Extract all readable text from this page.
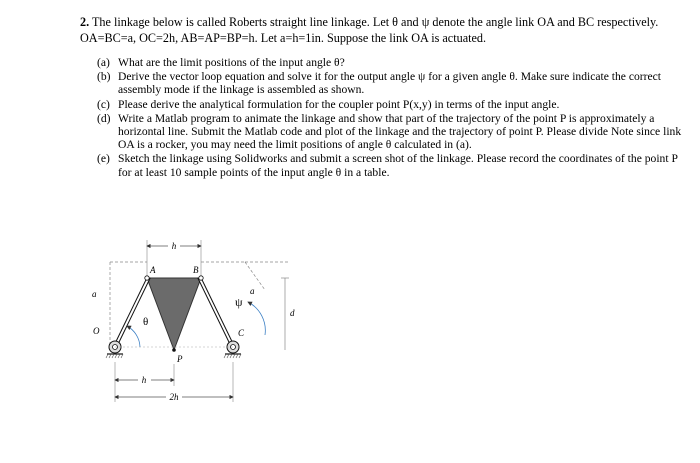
2. The linkage below is called Roberts straight line linkage. Let θ and ψ denote the angle link OA and BC respectively. OA=BC=a, OC=2h, AB=AP=BP=h. Let a=h=1in. Suppose the link OA is actuated.

(a) What are the limit positions of the input angle θ?
(b) Derive the vector loop equation and solve it for the output angle ψ for a given angle θ. Make sure indicate the correct assembly mode if the linkage is assembled as shown.
(c) Please derive the analytical formulation for the coupler point P(x,y) in terms of the input angle.
(d) Write a Matlab program to animate the linkage and show that part of the trajectory of the point P is approximately a horizontal line. Submit the Matlab code and plot of the linkage and the trajectory of point P. Please divide Note since link OA is a rocker, you may need the limit positions of angle θ calculated in (a).
(e) Sketch the linkage using Solidworks and submit a screen shot of the linkage. Please record the coordinates of the point P for at least 10 sample points of the input angle θ in a table.
h
d
A	B
a	a
ψ
θ
O	C
P
h
2h
